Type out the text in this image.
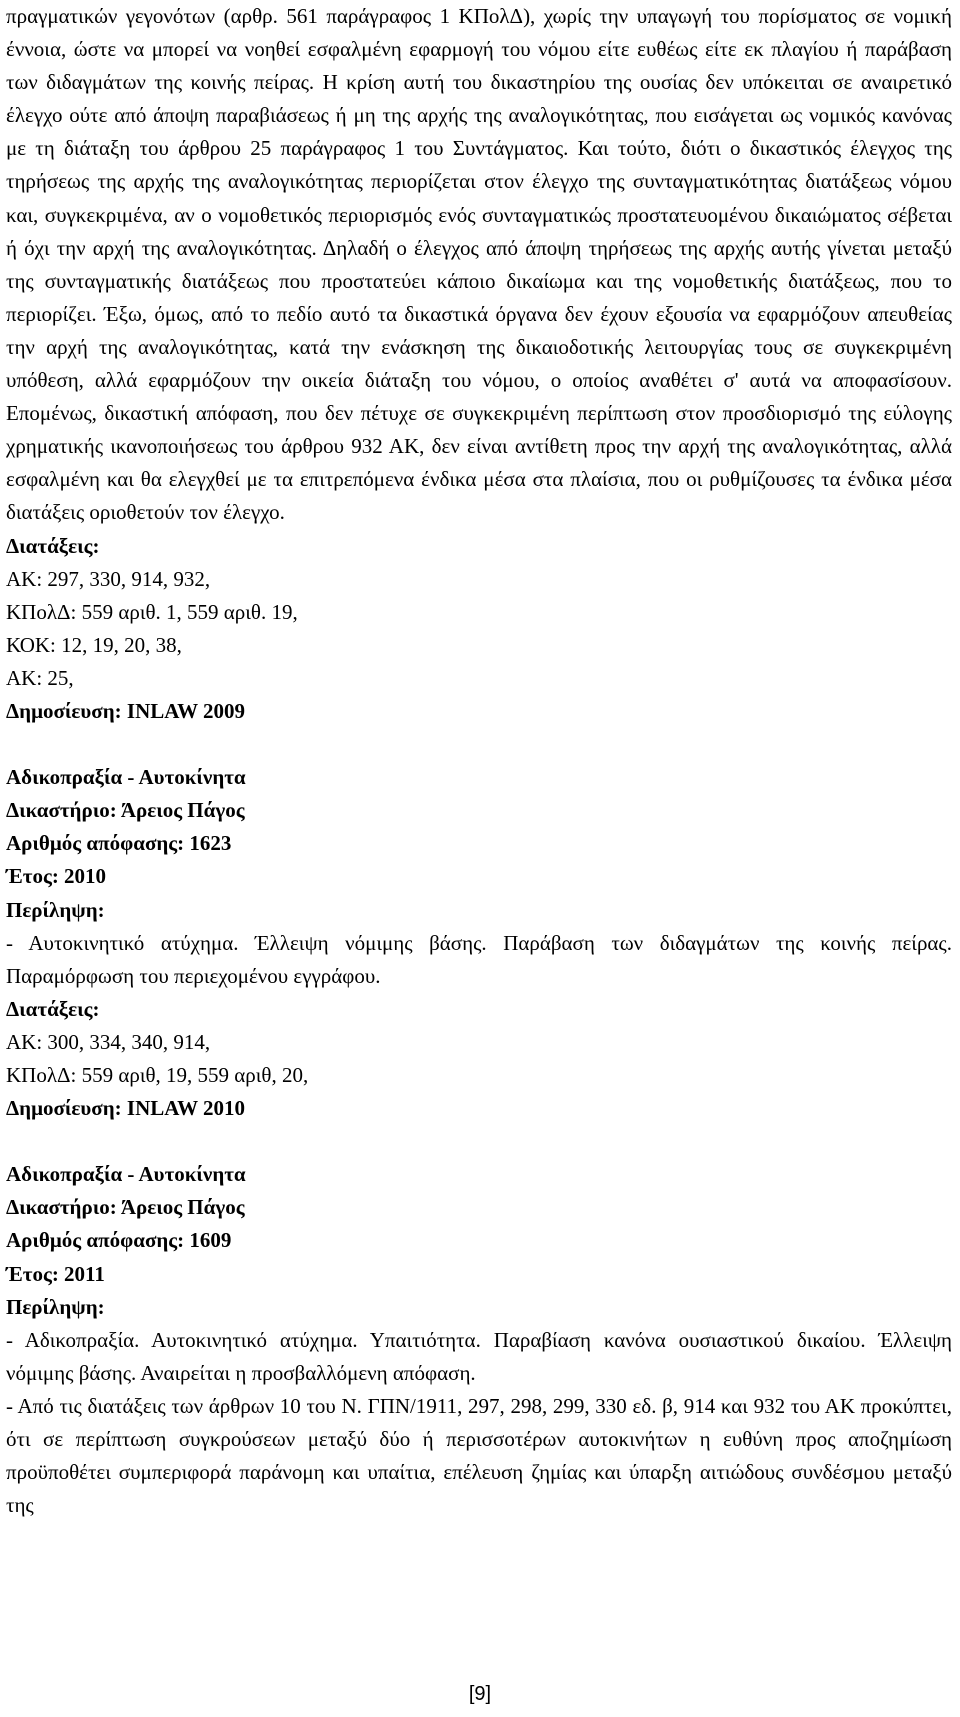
πραγματικών γεγονότων (αρθρ. 561 παράγραφος 1 ΚΠολΔ), χωρίς την υπαγωγή του πορίσματος σε νομική έννοια, ώστε να μπορεί να νοηθεί εσφαλμένη εφαρμογή του νόμου είτε ευθέως είτε εκ πλαγίου ή παράβαση των διδαγμάτων της κοινής πείρας. Η κρίση αυτή του δικαστηρίου της ουσίας δεν υπόκειται σε αναιρετικό έλεγχο ούτε από άποψη παραβιάσεως ή μη της αρχής της αναλογικότητας, που εισάγεται ως νομικός κανόνας με τη διάταξη του άρθρου 25 παράγραφος 1 του Συντάγματος. Και τούτο, διότι ο δικαστικός έλεγχος της τηρήσεως της αρχής της αναλογικότητας περιορίζεται στον έλεγχο της συνταγματικότητας διατάξεως νόμου και, συγκεκριμένα, αν ο νομοθετικός περιορισμός ενός συνταγματικώς προστατευομένου δικαιώματος σέβεται ή όχι την αρχή της αναλογικότητας. Δηλαδή ο έλεγχος από άποψη τηρήσεως της αρχής αυτής γίνεται μεταξύ της συνταγματικής διατάξεως που προστατεύει κάποιο δικαίωμα και της νομοθετικής διατάξεως, που το περιορίζει. Έξω, όμως, από το πεδίο αυτό τα δικαστικά όργανα δεν έχουν εξουσία να εφαρμόζουν απευθείας την αρχή της αναλογικότητας, κατά την ενάσκηση της δικαιοδοτικής λειτουργίας τους σε συγκεκριμένη υπόθεση, αλλά εφαρμόζουν την οικεία διάταξη του νόμου, ο οποίος αναθέτει σ' αυτά να αποφασίσουν. Επομένως, δικαστική απόφαση, που δεν πέτυχε σε συγκεκριμένη περίπτωση στον προσδιορισμό της εύλογης χρηματικής ικανοποιήσεως του άρθρου 932 ΑΚ, δεν είναι αντίθετη προς την αρχή της αναλογικότητας, αλλά εσφαλμένη και θα ελεγχθεί με τα επιτρεπόμενα ένδικα μέσα στα πλαίσια, που οι ρυθμίζουσες τα ένδικα μέσα διατάξεις οριοθετούν τον έλεγχο.

Διατάξεις:

ΑΚ: 297, 330, 914, 932,

ΚΠολΔ: 559 αριθ. 1, 559 αριθ. 19,

ΚΟΚ: 12, 19, 20, 38,

ΑΚ: 25,

Δημοσίευση: INLAW 2009

Αδικοπραξία - Αυτοκίνητα

Δικαστήριο: Άρειος Πάγος

Αριθμός απόφασης: 1623

Έτος: 2010

Περίληψη:

- Αυτοκινητικό ατύχημα. Έλλειψη νόμιμης βάσης. Παράβαση των διδαγμάτων της κοινής πείρας. Παραμόρφωση του περιεχομένου εγγράφου.

Διατάξεις:

ΑΚ: 300, 334, 340, 914,

ΚΠολΔ: 559 αριθ, 19, 559 αριθ, 20,

Δημοσίευση: INLAW 2010

Αδικοπραξία - Αυτοκίνητα

Δικαστήριο: Άρειος Πάγος

Αριθμός απόφασης: 1609

Έτος: 2011

Περίληψη:

- Αδικοπραξία. Αυτοκινητικό ατύχημα. Υπαιτιότητα. Παραβίαση κανόνα ουσιαστικού δικαίου. Έλλειψη νόμιμης βάσης. Αναιρείται η προσβαλλόμενη απόφαση.

- Από τις διατάξεις των άρθρων 10 του Ν. ΓΠΝ/1911, 297, 298, 299, 330 εδ. β, 914 και 932 του ΑΚ προκύπτει, ότι σε περίπτωση συγκρούσεων μεταξύ δύο ή περισσοτέρων αυτοκινήτων η ευθύνη προς αποζημίωση προϋποθέτει συμπεριφορά παράνομη και υπαίτια, επέλευση ζημίας και ύπαρξη αιτιώδους συνδέσμου μεταξύ της

[9]
